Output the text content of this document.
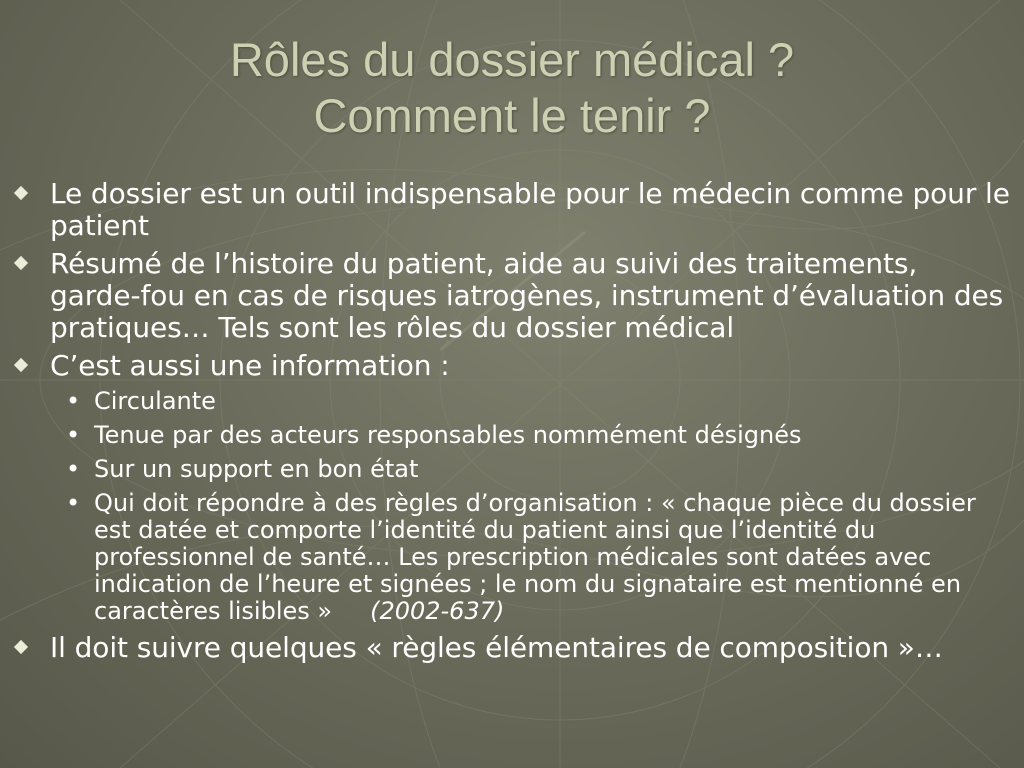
Rôles du dossier médical ?
Comment le tenir ?
Le dossier est un outil indispensable pour le médecin comme pour le patient
Résumé de l’histoire du patient, aide au suivi des traitements, garde-fou en cas de risques iatrogènes, instrument d’évaluation des pratiques… Tels sont les rôles du dossier médical
C’est aussi une information :
• Circulante
• Tenue par des acteurs responsables nommément désignés
• Sur un support en bon état
• Qui doit répondre à des règles d’organisation : « chaque pièce du dossier est datée et comporte l’identité du patient ainsi que l’identité du professionnel de santé… Les prescription médicales sont datées avec indication de l’heure et signées ; le nom du signataire est mentionné en caractères lisibles » (2002-637)
Il doit suivre quelques « règles élémentaires de composition »…
